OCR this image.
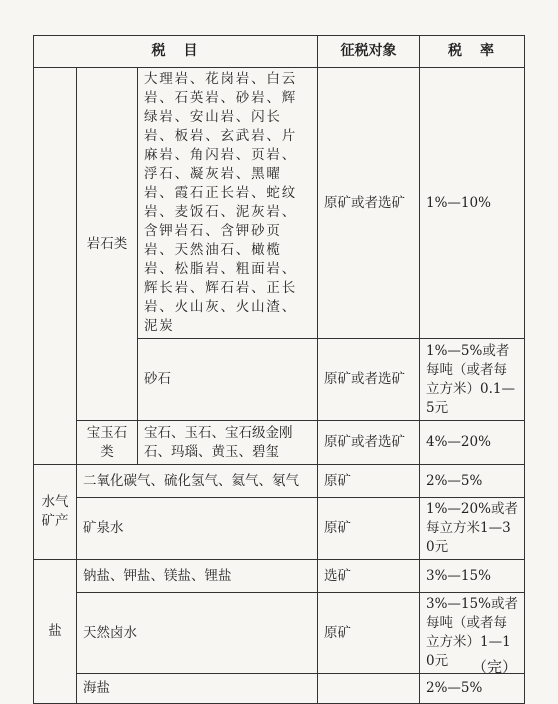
税　目			征税对象	税　率
	岩石类	大理岩、花岗岩、白云岩、石英岩、砂岩、辉绿岩、安山岩、闪长岩、板岩、玄武岩、片麻岩、角闪岩、页岩、浮石、凝灰岩、黑曜岩、霞石正长岩、蛇纹岩、麦饭石、泥灰岩、含钾岩石、含钾砂页岩、天然油石、橄榄岩、松脂岩、粗面岩、辉长岩、辉石岩、正长岩、火山灰、火山渣、泥炭	原矿或者选矿	1%—10%
		砂石	原矿或者选矿	1%—5%或者每吨（或者每立方米）0.1—5元
	宝玉石类	宝石、玉石、宝石级金刚石、玛瑙、黄玉、碧玺	原矿或者选矿	4%—20%
水气矿产	二氧化碳气、硫化氢气、氦气、氡气		原矿	2%—5%
	矿泉水		原矿	1%—20%或者每立方米1—30元
盐	钠盐、钾盐、镁盐、锂盐		选矿	3%—15%
	天然卤水		原矿	3%—15%或者每吨（或者每立方米）1—10元
	海盐			2%—5%
（完）
